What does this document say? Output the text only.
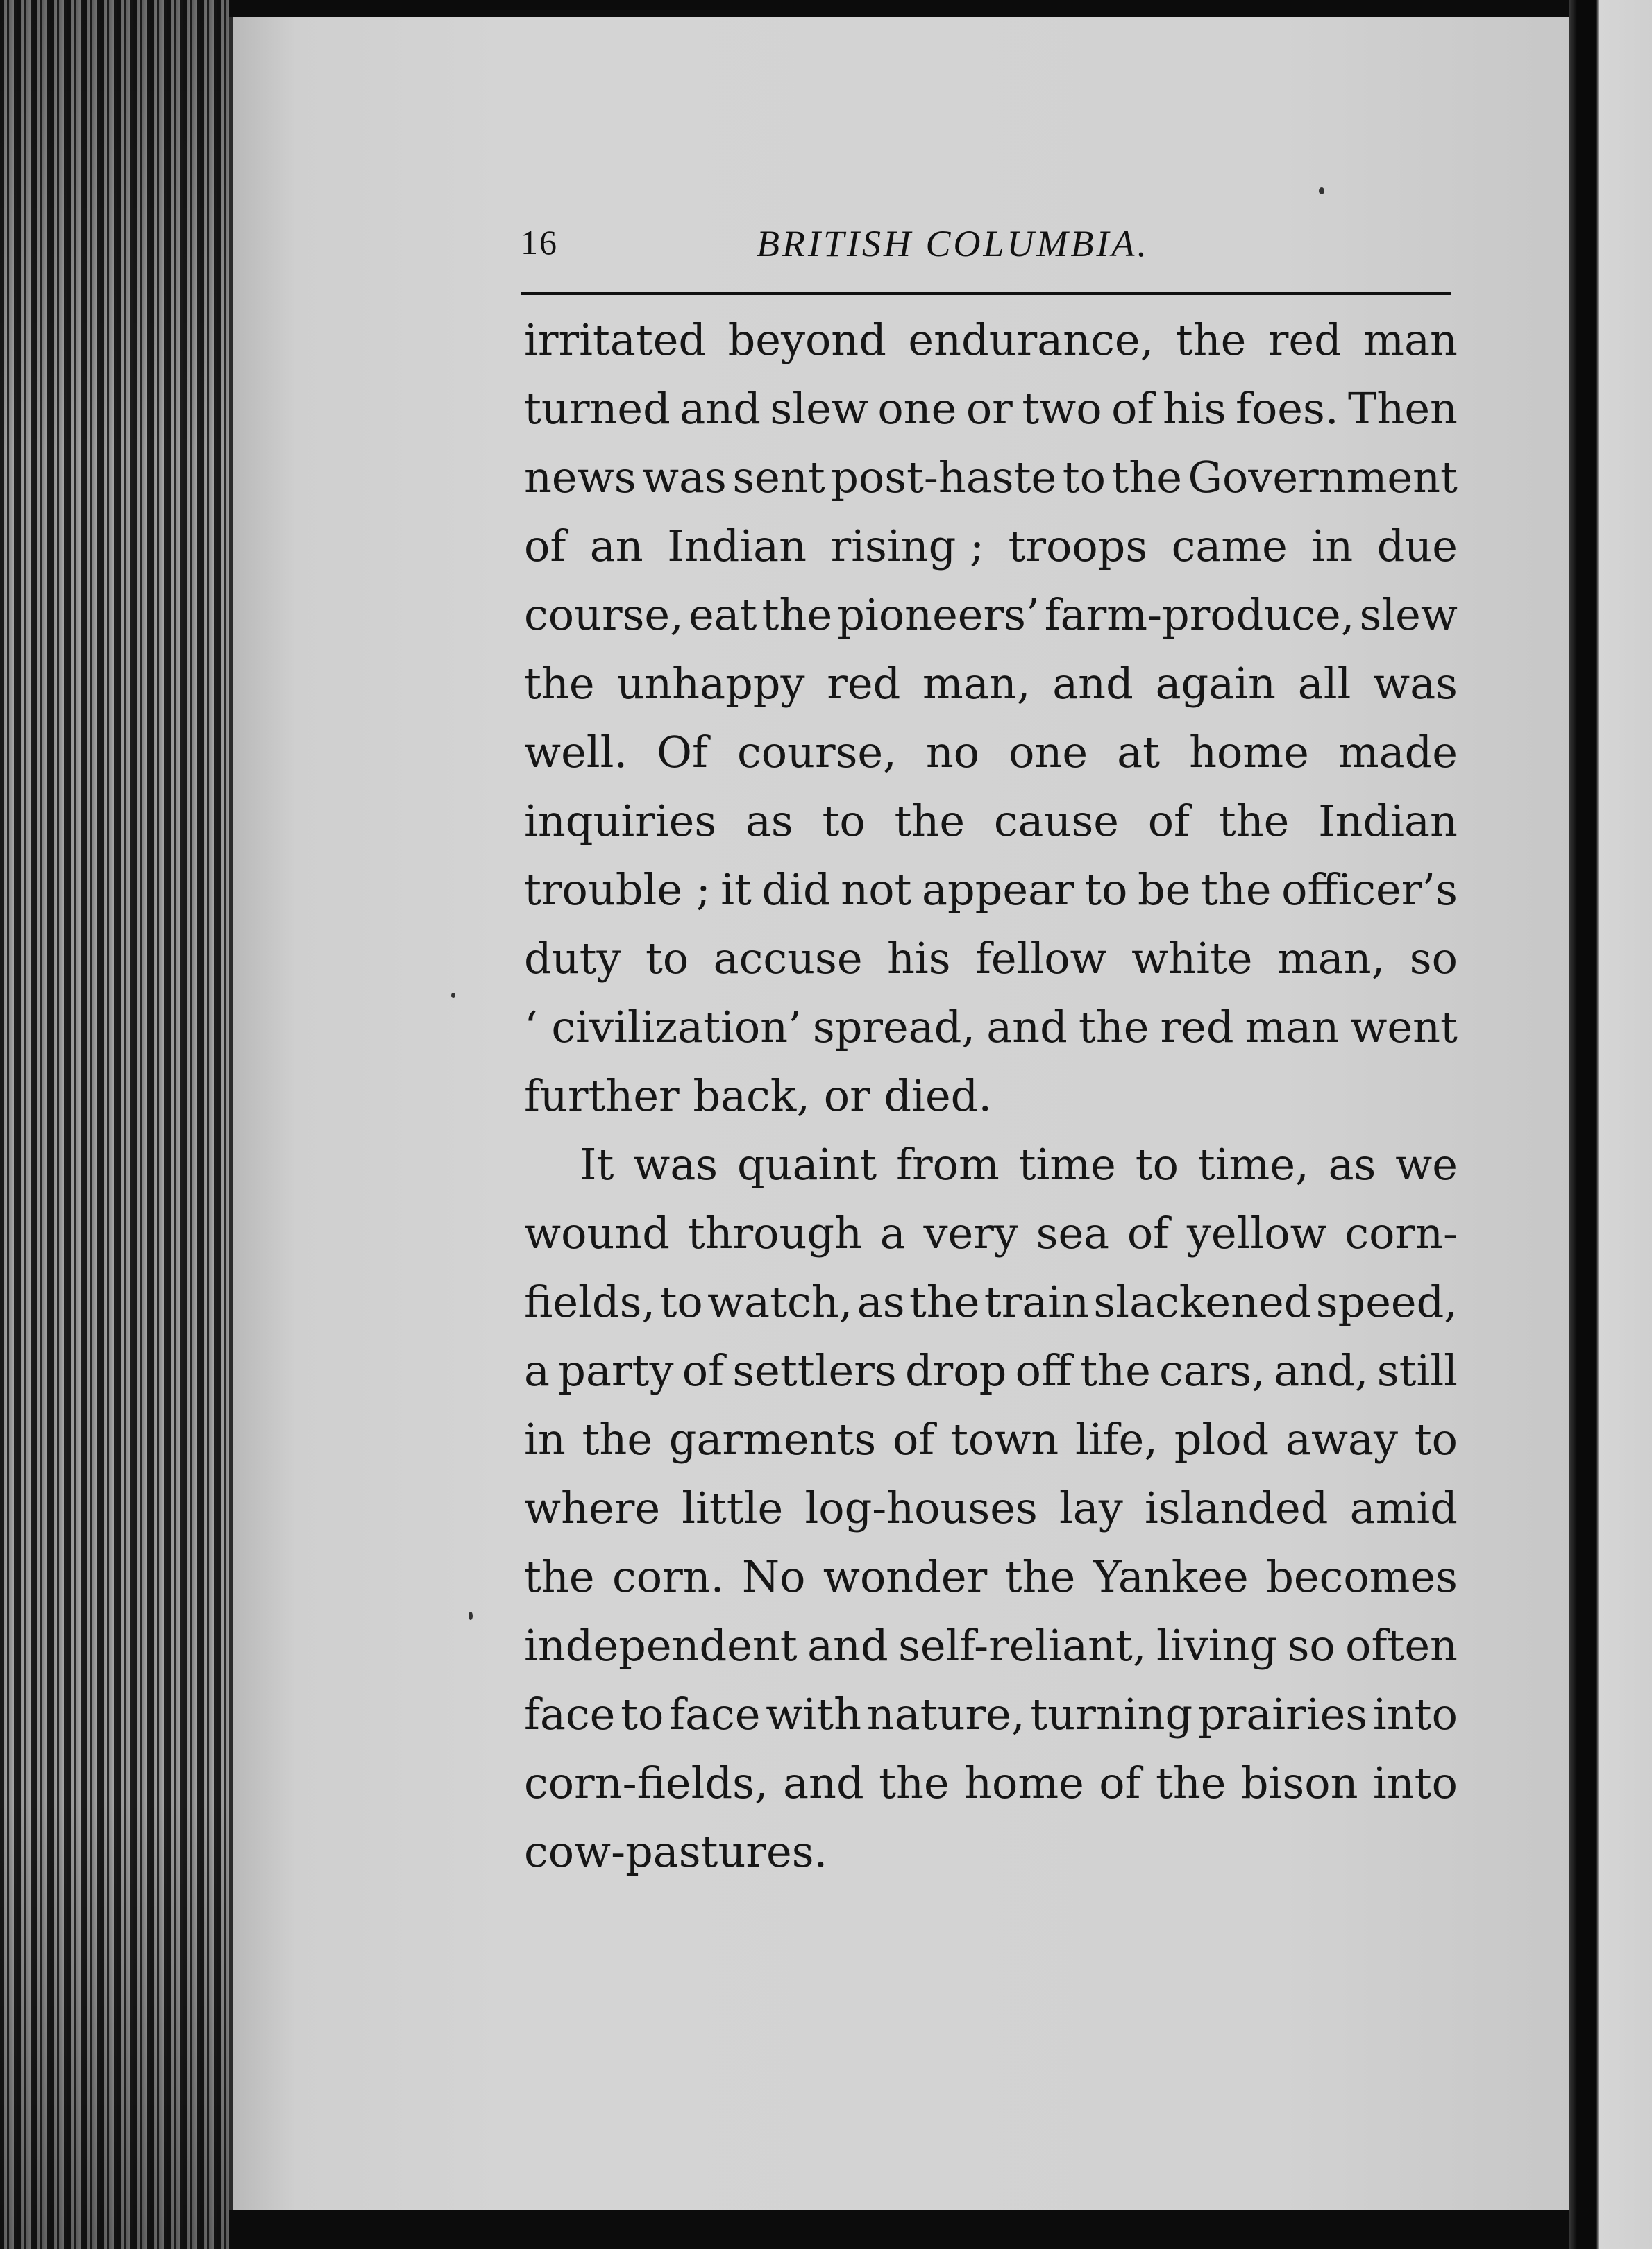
16	BRITISH COLUMBIA.
irritated beyond endurance, the red man
turned and slew one or two of his foes. Then
news was sent post-haste to the Government
of an Indian rising ; troops came in due
course, eat the pioneers’ farm-produce, slew
the unhappy red man, and again all was
well. Of course, no one at home made
inquiries as to the cause of the Indian
trouble ; it did not appear to be the officer’s
duty to accuse his fellow white man, so
‘ civilization’ spread, and the red man went
further back, or died.
It was quaint from time to time, as we
wound through a very sea of yellow corn-
fields, to watch, as the train slackened speed,
a party of settlers drop off the cars, and, still
in the garments of town life, plod away to
where little log-houses lay islanded amid
the corn. No wonder the Yankee becomes
independent and self-reliant, living so often
face to face with nature, turning prairies into
corn-fields, and the home of the bison into
cow-pastures.
